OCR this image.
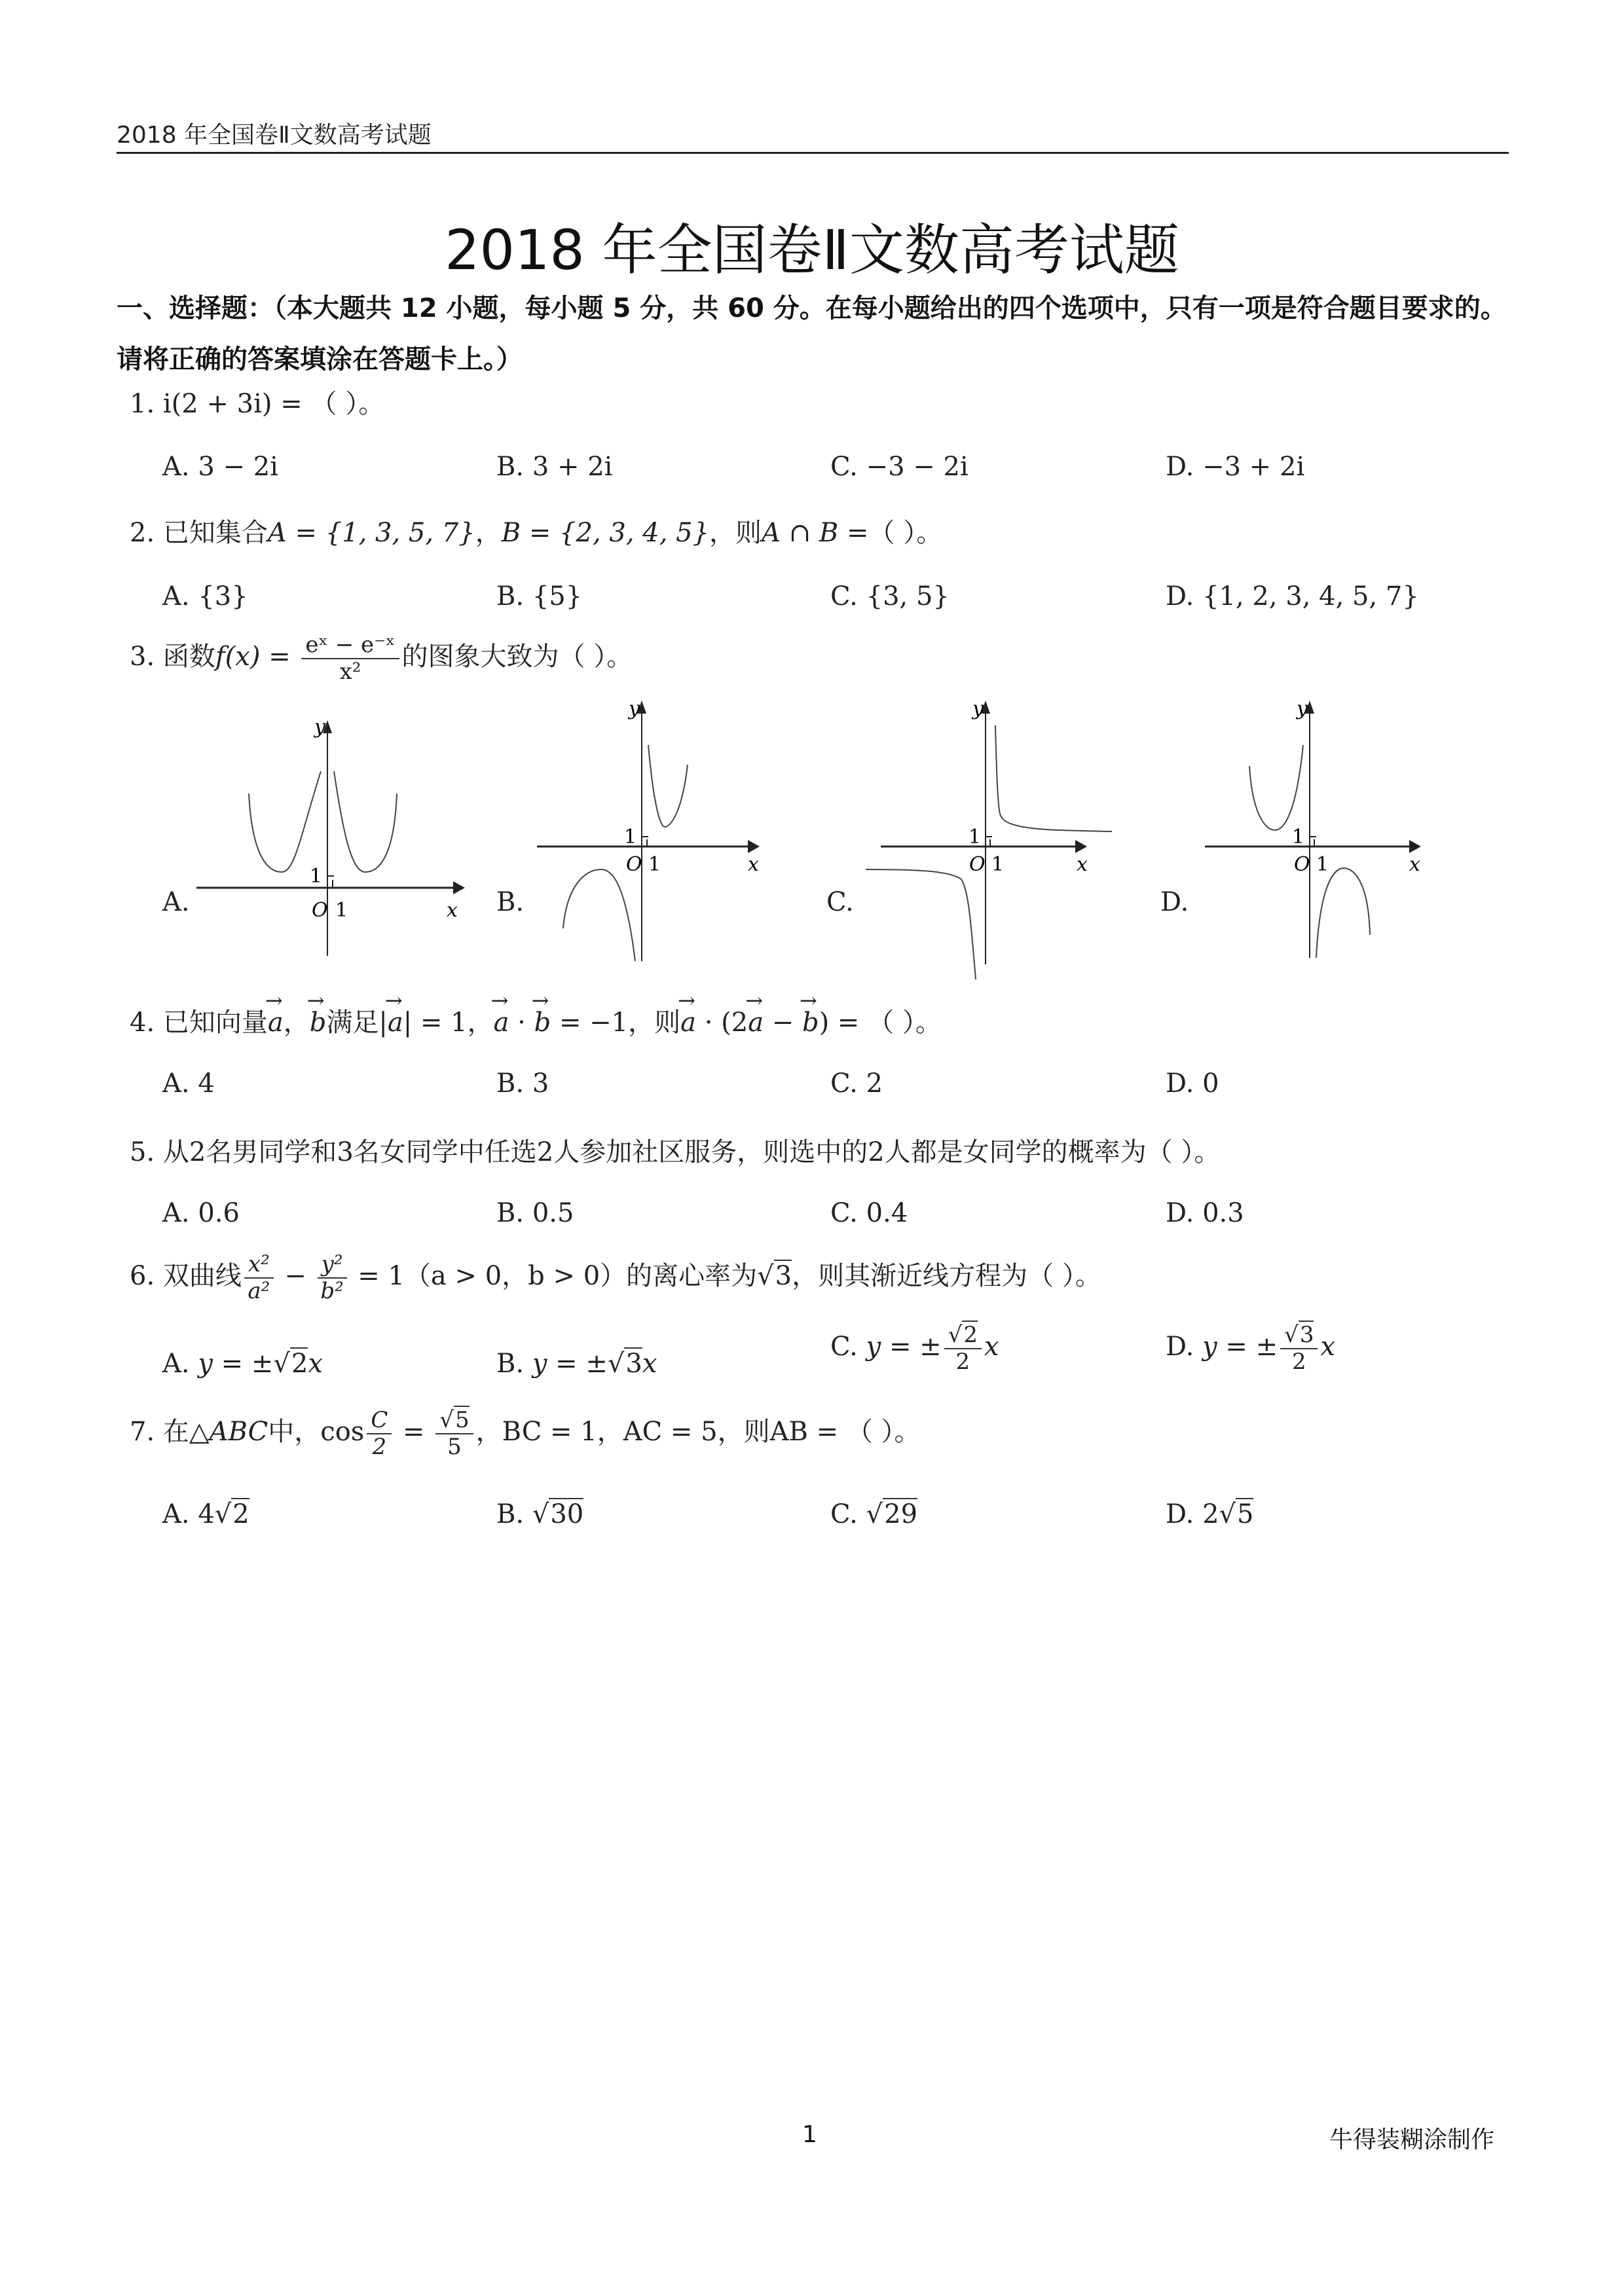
2018 年全国卷Ⅱ文数高考试题
2018 年全国卷Ⅱ文数高考试题
一、选择题：（本大题共 12 小题，每小题 5 分，共 60 分。在每小题给出的四个选项中，只有一项是符合题目要求的。请将正确的答案填涂在答题卡上。）
1. i(2 + 3i) = （ ）。
A. 3 − 2i	B. 3 + 2i	C. −3 − 2i	D. −3 + 2i
2. 已知集合A = {1, 3, 5, 7}，B = {2, 3, 4, 5}，则A ∩ B =（ ）。
A. {3}	B. {5}	C. {3, 5}	D. {1, 2, 3, 4, 5, 7}
3. 函数$f(x) = \frac{\text{eˣ − e⁻ˣ}}{\text{x²}}$ 的图象大致为（ ）。
A.
y
1
O 1	x B.
y
1
O 1	x
C.
y
1
O 1	x
D.
y
1
O 1	x
4. 已知向量→ a，→ b满足|→ a| = 1，→ a · → b = −1，则→ a · (2→ a − → b) = （ ）。
A. 4	B. 3	C. 2	D. 0
5. 从2名男同学和3名女同学中任选2人参加社区服务，则选中的2人都是女同学的概率为（ ）。
A. 0.6	B. 0.5	C. 0.4	D. 0.3
6. 双曲线 $\frac{\text{x²}}{\text{a²}} - \frac{\text{y²}}{\text{b²}} = 1(a > 0$，b > 0）的离心率为√3，则其渐近线方程为（ ）。
A. y = ±√2x	B. y = ±√3x
C. y = ± $\frac{√2}{2}$ x	D. y = ± $\frac{√3}{2}$ x
7. 在△ABC中，$\cos \frac{C}{2} = \frac{√5}{5}$ ，BC = 1，AC = 5，则AB = （ ）。
A. 4√2	B. √30	C. √29	D. 2√5
1	牛得装糊涂制作
